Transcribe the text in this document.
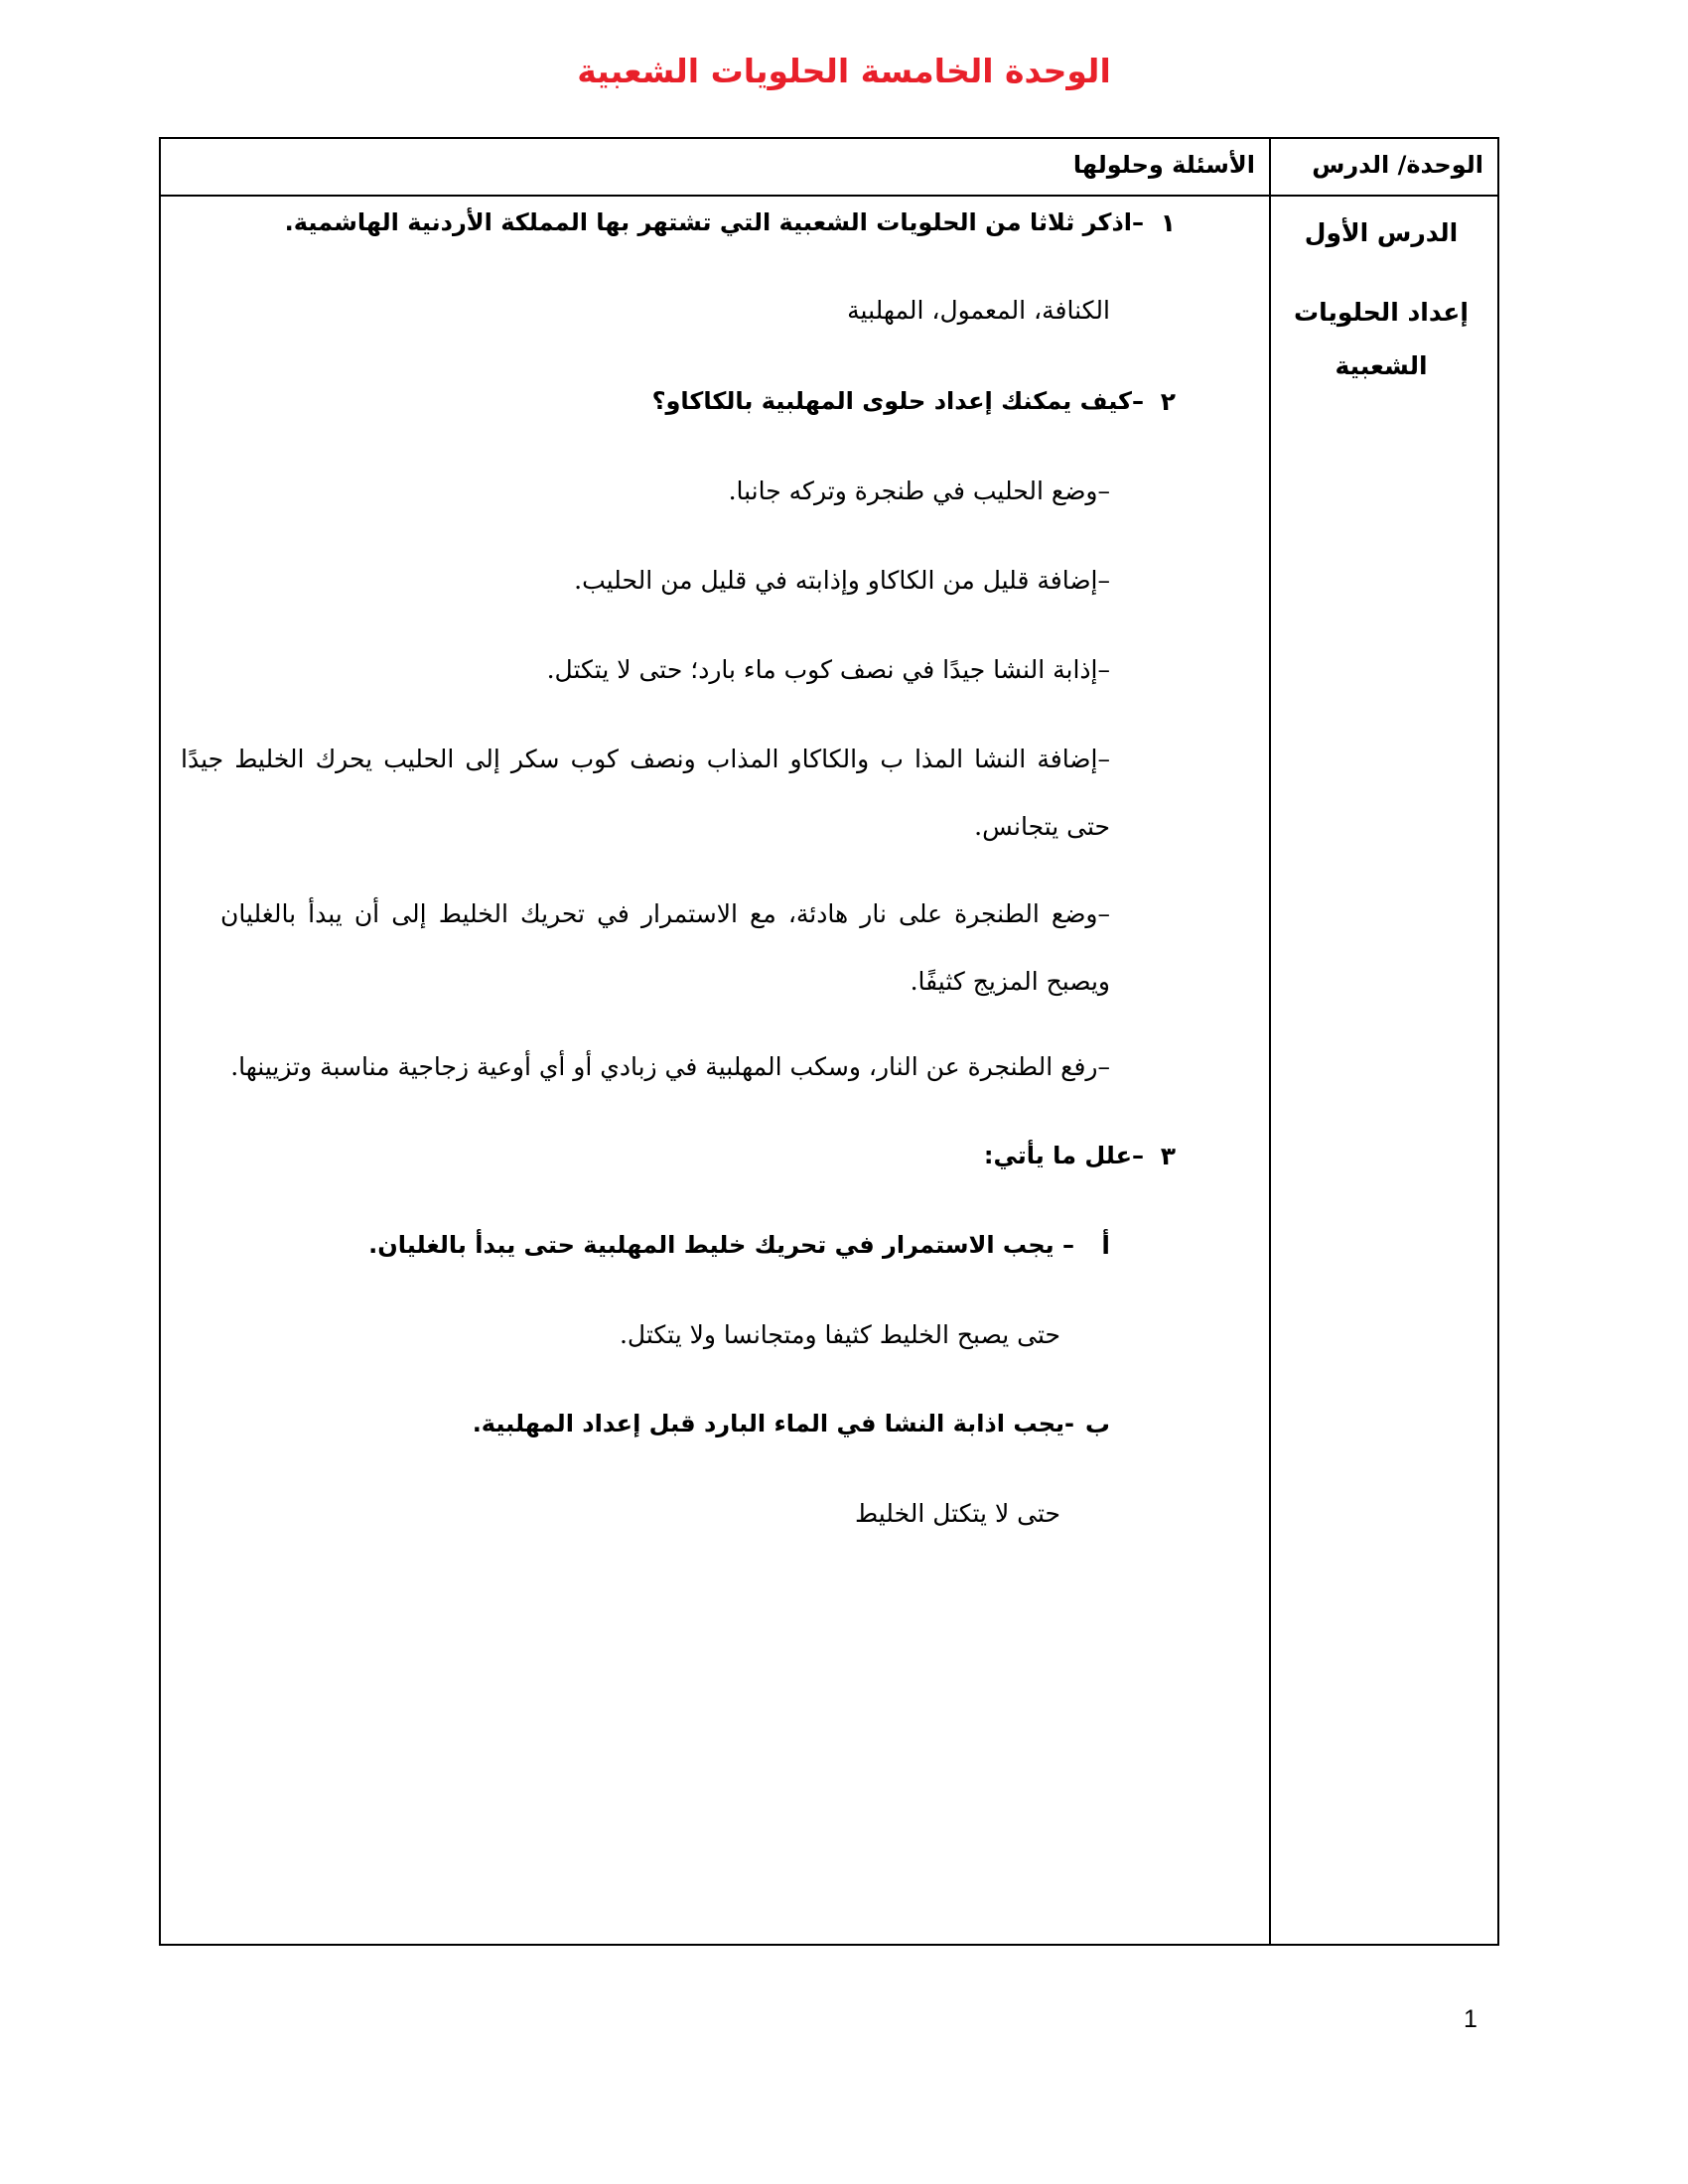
الوحدة الخامسة الحلويات الشعبية
الوحدة/ الدرس
الأسئلة وحلولها
الدرس الأول
إعداد الحلويات
الشعبية
١
–اذكر ثلاثا من الحلويات الشعبية التي تشتهر بها المملكة الأردنية الهاشمية.
الكنافة، المعمول، المهلبية
٢
–كيف يمكنك إعداد حلوى المهلبية بالكاكاو؟
–وضع الحليب في طنجرة وتركه جانبا.
–إضافة قليل من الكاكاو وإذابته في قليل من الحليب.
–إذابة النشا جيدًا في نصف كوب ماء بارد؛ حتى لا يتكتل.
–إضافة النشا المذا ب والكاكاو المذاب ونصف كوب سكر إلى الحليب يحرك الخليط جيدًا
حتى يتجانس.
–وضع الطنجرة على نار هادئة، مع الاستمرار في تحريك الخليط إلى أن يبدأ بالغليان
ويصبح المزيج كثيفًا.
–رفع الطنجرة عن النار، وسكب المهلبية في زبادي أو أي أوعية زجاجية مناسبة وتزيينها.
٣
–علل ما يأتي:
أ
– يجب الاستمرار في تحريك خليط المهلبية حتى يبدأ بالغليان.
حتى يصبح الخليط كثيفا ومتجانسا ولا يتكتل.
ب
-يجب اذابة النشا في الماء البارد قبل إعداد المهلبية.
حتى لا يتكتل الخليط
1
